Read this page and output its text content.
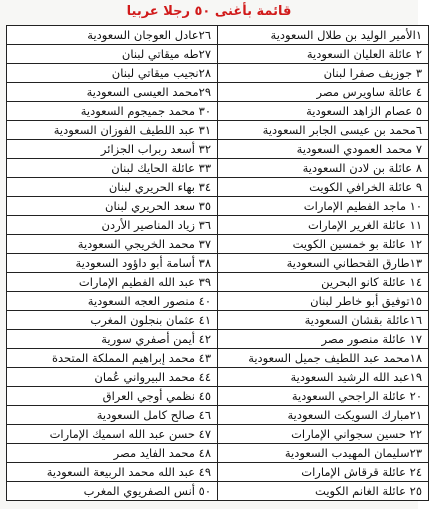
قائمة بأغنى ٥٠ رجلا عربيا
١الأمير الوليد بن طلال السعودية	٢٦عادل العوجان السعودية
٢ عائلة العليان السعودية	٢٧طه ميقاتي لبنان
٣ جوزيف صفرا لبنان	٢٨نجيب ميقاتي لبنان
٤ عائلة ساويرس مصر	٢٩محمد العيسى السعودية
٥ عصام الزاهد السعودية	٣٠ محمد جميجوم السعودية
٦محمد بن عيسى الجابر السعودية	٣١ عبد اللطيف الفوزان السعودية
٧ محمد العمودي السعودية	٣٢ أسعد ربراب الجزائر
٨ عائلة بن لادن السعودية	٣٣ عائلة الحايك لبنان
٩ عائلة الخرافي الكويت	٣٤ بهاء الحريري لبنان
١٠ ماجد الفطيم الإمارات	٣٥ سعد الحريري لبنان
١١ عائلة الغرير الإمارات	٣٦ زياد المناصير الأردن
١٢ عائلة بو خمسين الكويت	٣٧ محمد الخريجي السعودية
١٣طارق القحطاني السعودية	٣٨ أسامة أبو داؤود السعودية
١٤ عائلة كانو البحرين	٣٩ عبد الله الفطيم الإمارات
١٥توفيق أبو خاطر لبنان	٤٠ منصور العجه السعودية
١٦عائلة بقشان السعودية	٤١ عثمان بنجلون المغرب
١٧ عائلة منصور مصر	٤٢ أيمن أصفري سورية
١٨محمد عبد اللطيف جميل السعودية	٤٣ محمد إبراهيم المملكة المتحدة
١٩عبد الله الرشيد السعودية	٤٤ محمد البيرواني عُمان
٢٠ عائلة الراجحي السعودية	٤٥ نظمي أوجي العراق
٢١مبارك السويكت السعودية	٤٦ صالح كامل السعودية
٢٢ حسين سجواني الإمارات	٤٧ حسن عبد الله اسميك الإمارات
٢٣سليمان المهيدب السعودية	٤٨ محمد الفايد مصر
٢٤ عائلة قرقاش الإمارات	٤٩ عبد الله محمد الربيعة السعودية
٢٥ عائلة الغانم الكويت	٥٠ أنس الصفريوي المغرب
